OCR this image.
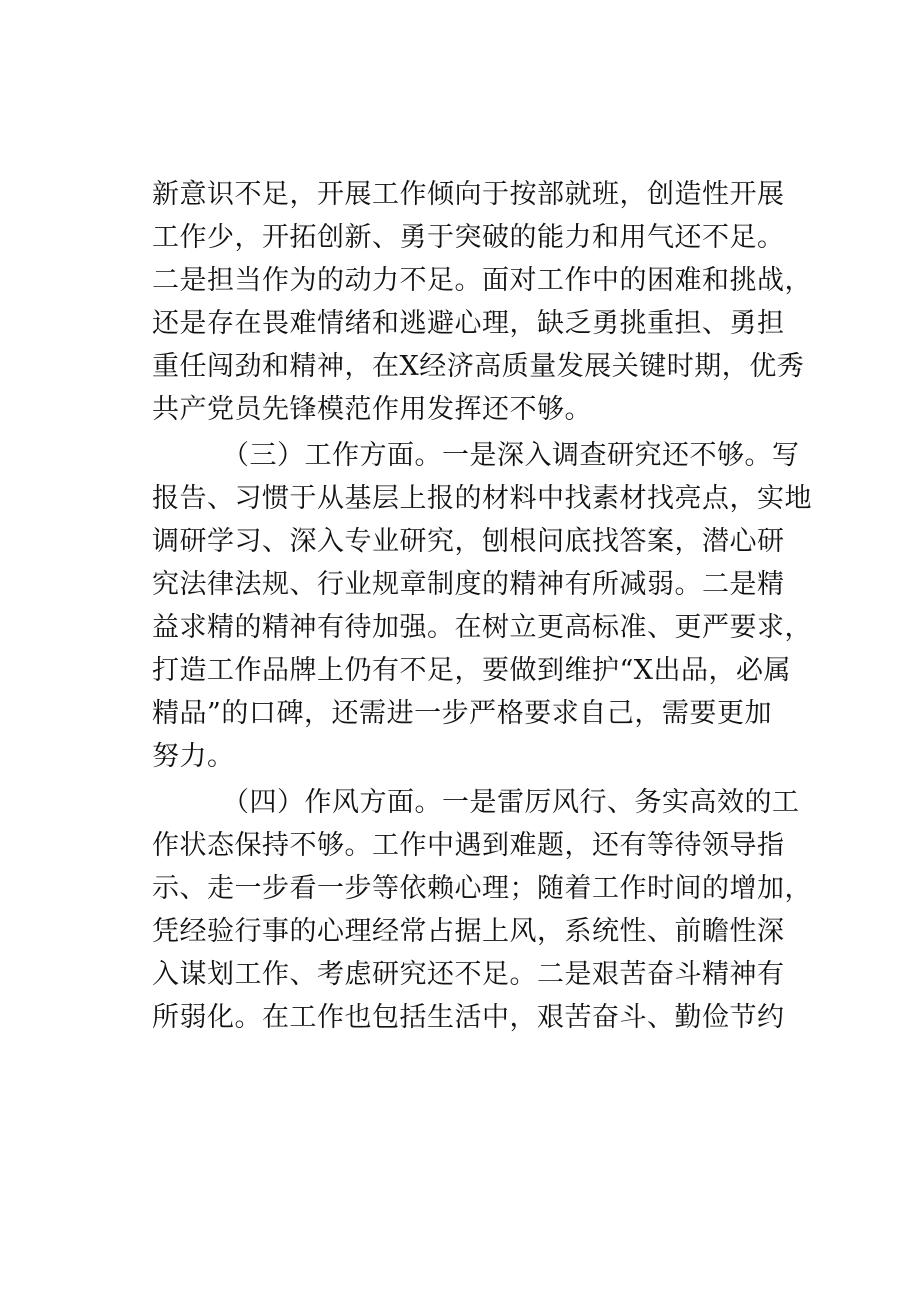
新意识不足，开展工作倾向于按部就班，创造性开展
工作少，开拓创新、勇于突破的能力和用气还不足。
二是担当作为的动力不足。面对工作中的困难和挑战，
还是存在畏难情绪和逃避心理，缺乏勇挑重担、勇担
重任闯劲和精神，在X经济高质量发展关键时期，优秀
共产党员先锋模范作用发挥还不够。
（三）工作方面。一是深入调查研究还不够。写
报告、习惯于从基层上报的材料中找素材找亮点，实地
调研学习、深入专业研究，刨根问底找答案，潜心研
究法律法规、行业规章制度的精神有所减弱。二是精
益求精的精神有待加强。在树立更高标准、更严要求，
打造工作品牌上仍有不足，要做到维护“X出品，必属
精品”的口碑，还需进一步严格要求自己，需要更加
努力。
（四）作风方面。一是雷厉风行、务实高效的工
作状态保持不够。工作中遇到难题，还有等待领导指
示、走一步看一步等依赖心理；随着工作时间的增加，
凭经验行事的心理经常占据上风，系统性、前瞻性深
入谋划工作、考虑研究还不足。二是艰苦奋斗精神有
所弱化。在工作也包括生活中，艰苦奋斗、勤俭节约
